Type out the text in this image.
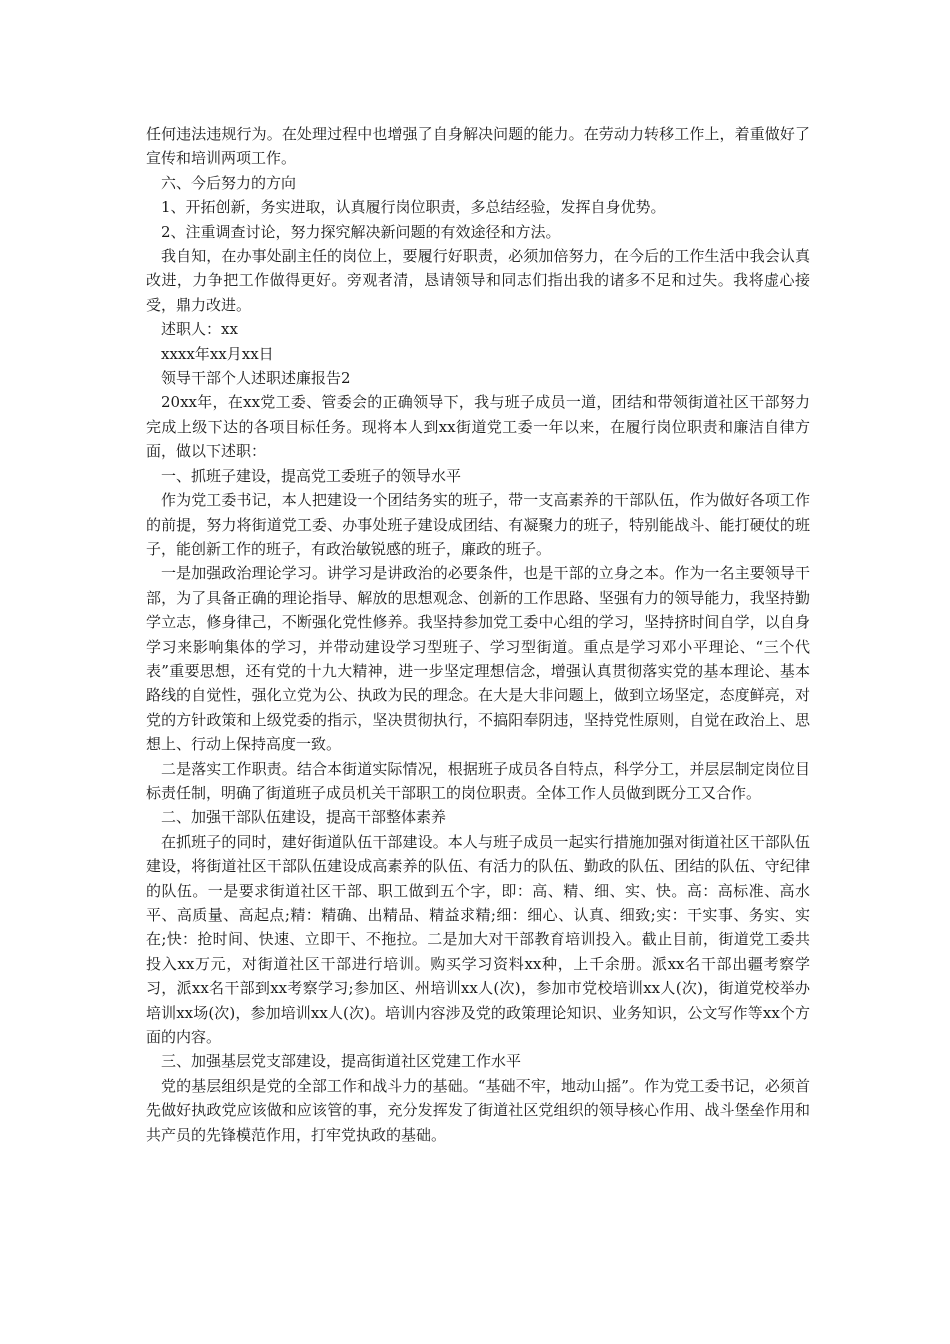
任何违法违规行为。在处理过程中也增强了自身解决问题的能力。在劳动力转移工作上，着重做好了宣传和培训两项工作。

六、今后努力的方向

1、开拓创新，务实进取，认真履行岗位职责，多总结经验，发挥自身优势。

2、注重调查讨论，努力探究解决新问题的有效途径和方法。

我自知，在办事处副主任的岗位上，要履行好职责，必须加倍努力，在今后的工作生活中我会认真改进，力争把工作做得更好。旁观者清，恳请领导和同志们指出我的诸多不足和过失。我将虚心接受，鼎力改进。

述职人：xx

xxxx年xx月xx日

领导干部个人述职述廉报告2

20xx年，在xx党工委、管委会的正确领导下，我与班子成员一道，团结和带领街道社区干部努力完成上级下达的各项目标任务。现将本人到xx街道党工委一年以来，在履行岗位职责和廉洁自律方面，做以下述职：

一、抓班子建设，提高党工委班子的领导水平

作为党工委书记，本人把建设一个团结务实的班子，带一支高素养的干部队伍，作为做好各项工作的前提，努力将街道党工委、办事处班子建设成团结、有凝聚力的班子，特别能战斗、能打硬仗的班子，能创新工作的班子，有政治敏锐感的班子，廉政的班子。

一是加强政治理论学习。讲学习是讲政治的必要条件，也是干部的立身之本。作为一名主要领导干部，为了具备正确的理论指导、解放的思想观念、创新的工作思路、坚强有力的领导能力，我坚持勤学立志，修身律己，不断强化党性修养。我坚持参加党工委中心组的学习，坚持挤时间自学，以自身学习来影响集体的学习，并带动建设学习型班子、学习型街道。重点是学习邓小平理论、“三个代表”重要思想，还有党的十九大精神，进一步坚定理想信念，增强认真贯彻落实党的基本理论、基本路线的自觉性，强化立党为公、执政为民的理念。在大是大非问题上，做到立场坚定，态度鲜亮，对党的方针政策和上级党委的指示，坚决贯彻执行，不搞阳奉阴违，坚持党性原则，自觉在政治上、思想上、行动上保持高度一致。

二是落实工作职责。结合本街道实际情况，根据班子成员各自特点，科学分工，并层层制定岗位目标责任制，明确了街道班子成员机关干部职工的岗位职责。全体工作人员做到既分工又合作。

二、加强干部队伍建设，提高干部整体素养

在抓班子的同时，建好街道队伍干部建设。本人与班子成员一起实行措施加强对街道社区干部队伍建设，将街道社区干部队伍建设成高素养的队伍、有活力的队伍、勤政的队伍、团结的队伍、守纪律的队伍。一是要求街道社区干部、职工做到五个字，即：高、精、细、实、快。高：高标准、高水平、高质量、高起点;精：精确、出精品、精益求精;细：细心、认真、细致;实：干实事、务实、实在;快：抢时间、快速、立即干、不拖拉。二是加大对干部教育培训投入。截止目前，街道党工委共投入xx万元，对街道社区干部进行培训。购买学习资料xx种，上千余册。派xx名干部出疆考察学习，派xx名干部到xx考察学习;参加区、州培训xx人(次)，参加市党校培训xx人(次)，街道党校举办培训xx场(次)，参加培训xx人(次)。培训内容涉及党的政策理论知识、业务知识，公文写作等xx个方面的内容。

三、加强基层党支部建设，提高街道社区党建工作水平

党的基层组织是党的全部工作和战斗力的基础。“基础不牢，地动山摇”。作为党工委书记，必须首先做好执政党应该做和应该管的事，充分发挥发了街道社区党组织的领导核心作用、战斗堡垒作用和共产员的先锋模范作用，打牢党执政的基础。
